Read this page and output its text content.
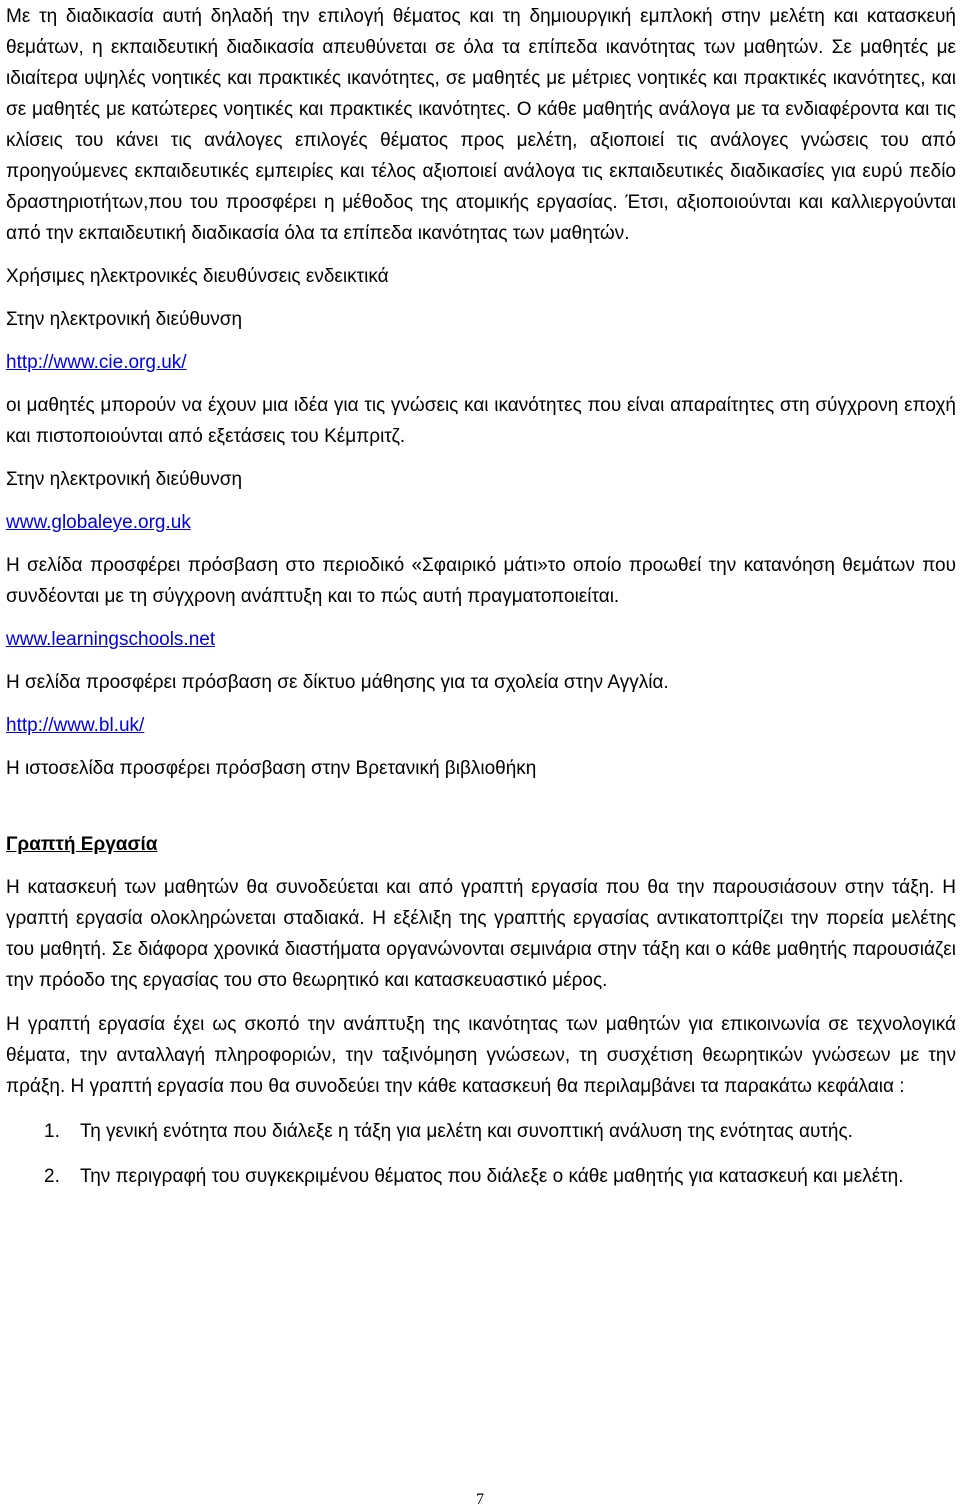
Με τη διαδικασία αυτή δηλαδή την επιλογή θέματος και τη δημιουργική εμπλοκή στην μελέτη και κατασκευή θεμάτων, η εκπαιδευτική διαδικασία απευθύνεται σε όλα τα επίπεδα ικανότητας των μαθητών. Σε μαθητές με ιδιαίτερα υψηλές νοητικές και πρακτικές ικανότητες, σε μαθητές με μέτριες νοητικές και πρακτικές ικανότητες, και σε μαθητές με κατώτερες νοητικές και πρακτικές ικανότητες. Ο κάθε μαθητής ανάλογα με τα ενδιαφέροντα και τις κλίσεις του κάνει τις ανάλογες επιλογές θέματος προς μελέτη, αξιοποιεί τις ανάλογες γνώσεις του από προηγούμενες εκπαιδευτικές εμπειρίες και τέλος αξιοποιεί ανάλογα τις εκπαιδευτικές διαδικασίες για ευρύ πεδίο δραστηριοτήτων,που του προσφέρει η μέθοδος της ατομικής εργασίας. Έτσι, αξιοποιούνται και καλλιεργούνται από την εκπαιδευτική διαδικασία όλα τα επίπεδα ικανότητας των μαθητών.

Χρήσιμες ηλεκτρονικές διευθύνσεις ενδεικτικά

Στην ηλεκτρονική διεύθυνση

http://www.cie.org.uk/

οι μαθητές μπορούν να έχουν μια ιδέα για τις γνώσεις και ικανότητες που είναι απαραίτητες στη σύγχρονη εποχή και πιστοποιούνται από εξετάσεις του Κέμπριτζ.

Στην ηλεκτρονική διεύθυνση

www.globaleye.org.uk

Η σελίδα προσφέρει πρόσβαση στο περιοδικό «Σφαιρικό μάτι»το οποίο προωθεί την κατανόηση θεμάτων που συνδέονται με τη σύγχρονη ανάπτυξη και το πώς αυτή πραγματοποιείται.

www.learningschools.net

Η σελίδα προσφέρει πρόσβαση σε δίκτυο μάθησης για τα σχολεία στην Αγγλία.

http://www.bl.uk/

Η ιστοσελίδα προσφέρει πρόσβαση στην Βρετανική βιβλιοθήκη

Γραπτή Εργασία

Η κατασκευή των μαθητών θα συνοδεύεται και από γραπτή εργασία που θα την παρουσιάσουν στην τάξη. Η γραπτή εργασία ολοκληρώνεται σταδιακά. Η εξέλιξη της γραπτής εργασίας αντικατοπτρίζει την πορεία μελέτης του μαθητή. Σε διάφορα χρονικά διαστήματα οργανώνονται σεμινάρια στην τάξη και ο κάθε μαθητής παρουσιάζει την πρόοδο της εργασίας του στο θεωρητικό και κατασκευαστικό μέρος.

Η γραπτή εργασία έχει ως σκοπό την ανάπτυξη της ικανότητας των μαθητών για επικοινωνία σε τεχνολογικά θέματα, την ανταλλαγή πληροφοριών, την ταξινόμηση γνώσεων, τη συσχέτιση θεωρητικών γνώσεων με την πράξη. Η γραπτή εργασία που θα συνοδεύει την κάθε κατασκευή θα περιλαμβάνει τα παρακάτω κεφάλαια :

1. Τη γενική ενότητα που διάλεξε η τάξη για μελέτη και συνοπτική ανάλυση της ενότητας αυτής.
2. Την περιγραφή του συγκεκριμένου θέματος που διάλεξε ο κάθε μαθητής για κατασκευή και μελέτη.
7
